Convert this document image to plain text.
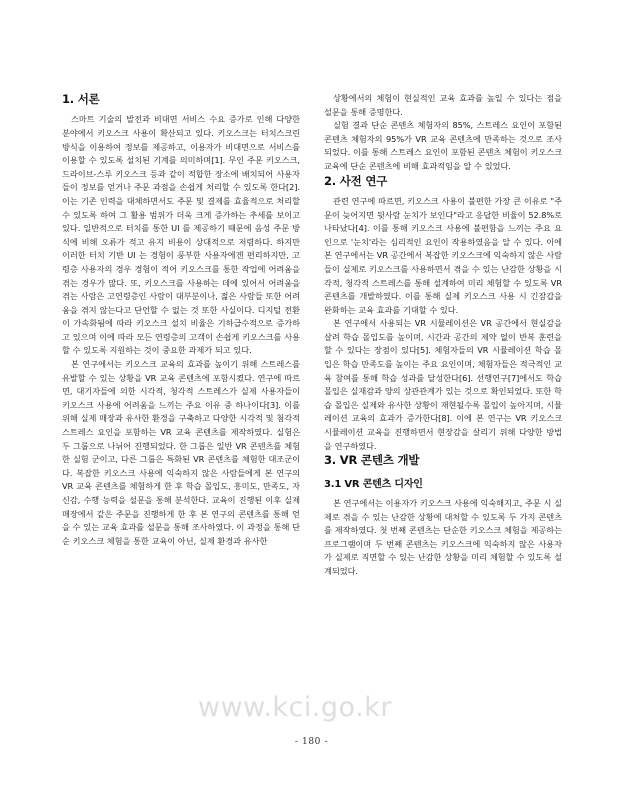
1. 서론

스마트 기술의 발전과 비대면 서비스 수요 증가로 인해 다양한 분야에서 키오스크 사용이 확산되고 있다. 키오스크는 터치스크린 방식을 이용하여 정보를 제공하고, 이용자가 비대면으로 서비스를 이용할 수 있도록 설치된 기계를 의미하며[1]. 무인 주문 키오스크, 드라이브-스루 키오스크 등과 같이 적합한 장소에 배치되어 사용자들이 정보를 얻거나 주문 과점을 손쉽게 처리할 수 있도록 한다[2]. 이는 기존 인력을 대체하면서도 주문 및 결제를 효율적으로 처리할 수 있도록 하여 그 활용 범위가 더욱 크게 증가하는 추세를 보이고 있다. 일반적으로 터치를 통한 UI 를 제공하기 때문에 음성 주문 방식에 비해 오류가 적고 유지 비용이 상대적으로 저렴하다. 하지만 이러한 터치 기반 UI 는 경험이 풍부한 사용자에겐 편리하지만, 고령층 사용자의 경우 경험이 적어 키오스크를 통한 작업에 어려움을 겪는 경우가 많다. 또, 키오스크를 사용하는 데에 있어서 어려움을 겪는 사람은 고연령층인 사람이 대부분이나, 젊은 사람들 또한 어려움을 겪지 않는다고 단언할 수 없는 것 또한 사실이다. 디지털 전환이 가속화됨에 따라 키오스크 설치 비율은 기하급수적으로 증가하고 있으며 이에 따라 모든 연령층의 고객이 손쉽게 키오스크를 사용할 수 있도록 지원하는 것이 중요한 과제가 되고 있다.

본 연구에서는 키오스크 교육의 효과를 높이기 위해 스트레스를 유발할 수 있는 상황을 VR 교육 콘텐츠에 포함시켰다. 연구에 따르면, 대기자들에 의한 시각적, 청각적 스트레스가 실제 사용자들이 키오스크 사용에 어려움을 느끼는 주요 이유 중 하나이다[3]. 이를 위해 실제 매장과 유사한 환경을 구축하고 다양한 시각적 및 첨각적 스트레스 요인을 포함하는 VR 교육 콘텐츠를 제작하였다. 실험은 두 그룹으로 나뉘어 진행되었다. 한 그룹은 일반 VR 콘텐츠를 체험한 실험 군이고, 다른 그룹은 특화된 VR 콘텐츠를 체험한 대조군이다. 복잡한 키오스크 사용에 익숙하지 않은 사람들에게 본 연구의 VR 교육 콘텐츠를 체험하게 한 후 학습 몰입도, 흥미도, 만족도, 자신감, 수행 능력을 설문을 통해 분석한다. 교육이 진행된 이후 실제 매장에서 같은 주문을 진행하게 한 후 본 연구의 콘텐츠를 통해 얻을 수 있는 교육 효과를 설문을 통해 조사하였다. 이 과정을 통해 단순 키오스크 체험을 통한 교육이 아닌, 실제 환경과 유사한

상황에서의 체험이 현실적인 교육 효과를 높일 수 있다는 점을 설문을 통해 증명한다.

실험 결과 단순 콘텐츠 체험자의 85%, 스트레스 요인이 포함된 콘텐츠 체험자의 95%가 VR 교육 콘텐츠에 만족하는 것으로 조사되었다. 이를 통해 스트레스 요인이 포함된 콘텐츠 체험이 키오스크 교육에 단순 콘텐츠에 비해 효과적임을 알 수 있었다.

2. 사전 연구

관련 연구에 따르면, 키오스크 사용이 불편한 가장 큰 이유로 "주문이 늦어지면 뒷사람 눈치가 보인다"라고 응답한 비율이 52.8%로 나타났다[4]. 이를 통해 키오스크 사용에 불편함을 느끼는 주요 요인으로 '눈치'라는 심리적인 요인이 작용하였음을 알 수 있다. 이에 본 연구에서는 VR 공간에서 복잡한 키오스크에 익숙하지 않은 사람들이 실제로 키오스크를 사용하면서 겪을 수 있는 난감한 상황을 시각적, 청각적 스트레스를 통해 설계하여 미리 체험할 수 있도록 VR 콘텐츠를 개발하였다. 이를 통해 실제 키오스크 사용 시 긴잠갑을 완화하는 교육 효과를 기대할 수 있다.

본 연구에서 사용되는 VR 시뮬레이션은 VR 공간에서 현실감을 살려 학습 몰입도를 높이며, 시간과 공간의 제약 없이 반복 훈련을 할 수 있다는 장점이 있다[5]. 체험자들의 VR 시뮬레이션 학습 몰입은 학습 만족도를 높이는 주요 요인이며, 체험자들은 적극적인 교육 참여를 통해 학습 성과를 달성한다[6]. 선행연구[7]에서도 학습 몰입은 실재감과 양의 상관관계가 있는 것으로 확인되었다. 또한 학습 몰입은 실제와 유사한 상황이 재현될수록 몰입이 높아지며, 시뮬레이션 교육의 효과가 증가한다[8]. 이에 본 연구는 VR 키오스크 시뮬레이션 교육을 진행하면서 현장감을 살리기 위해 다양한 방법을 연구하였다.

3. VR 콘텐츠 개발
3.1 VR 콘텐츠 디자인

본 연구에서는 이용자가 키오스크 사용에 익숙해지고, 주문 시 실제로 겪을 수 있는 난감한 상황에 대처할 수 있도록 두 가지 콘텐츠를 제작하였다. 첫 번째 콘텐츠는 단순한 키오스크 체험을 제공하는 프로그램이며 두 번째 콘텐츠는 키오스크에 익숙하지 않은 사용자가 실제로 직면할 수 있는 난감한 상황을 미리 체험할 수 있도록 설계되었다.

www.kci.go.kr
- 180 -
